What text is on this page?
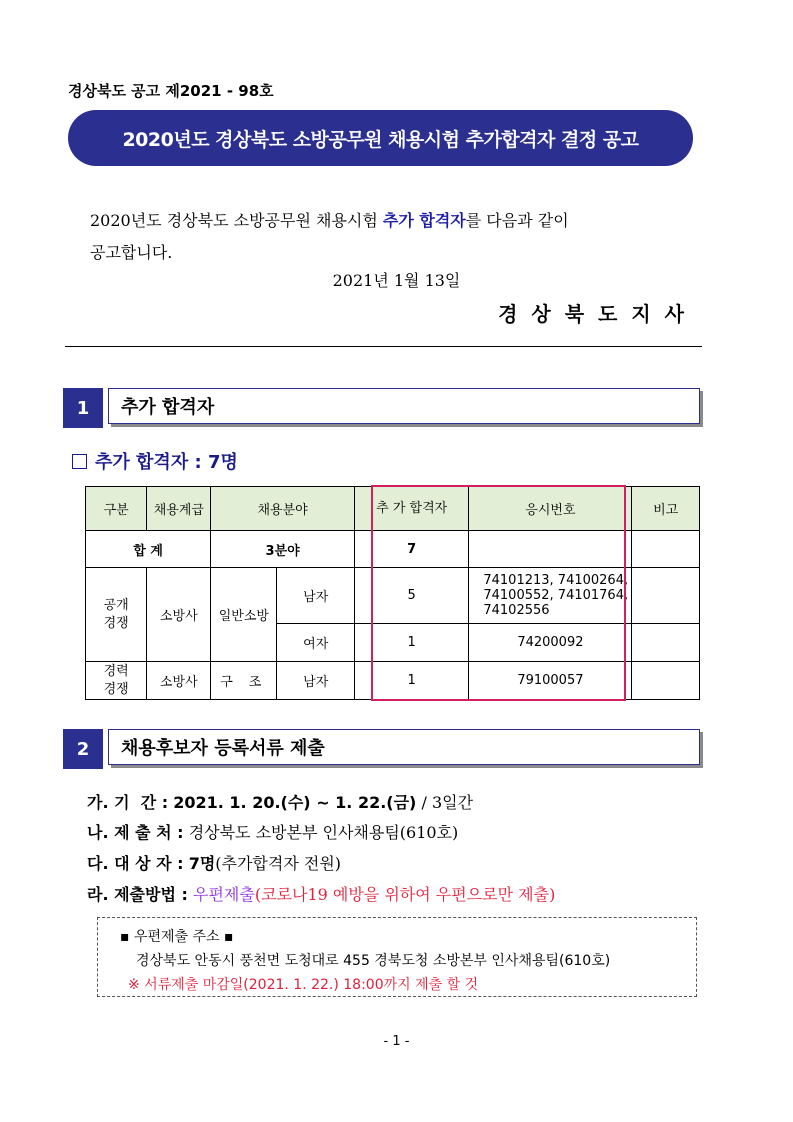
경상북도 공고 제2021 - 98호
2020년도 경상북도 소방공무원 채용시험 추가합격자 결정 공고
2020년도 경상북도 소방공무원 채용시험 추가 합격자를 다음과 같이
공고합니다.
2021년 1월 13일
경상북도지사
1	추가 합격자
추가 합격자 : 7명
구분	채용계급	채용분야		추 가 합격자	응시번호	비고
합 계		3분야		7		
공개 경쟁	소방사	일반소방	남자	5	74101213, 74100264, 74100552, 74101764, 74102556	
			여자	1	74200092	
경력 경쟁	소방사	구 조	남자	1	79100057	
2	채용후보자 등록서류 제출
가. 기  간 : 2021. 1. 20.(수) ~ 1. 22.(금) / 3일간
나. 제 출 처 : 경상북도 소방본부 인사채용팀(610호)
다. 대 상 자 : 7명(추가합격자 전원)
라. 제출방법 : 우편제출(코로나19 예방을 위하여 우편으로만 제출)
▪ 우편제출 주소 ▪
경상북도 안동시 풍천면 도청대로 455 경북도청 소방본부 인사채용팀(610호)
※ 서류제출 마감일(2021. 1. 22.) 18:00까지 제출 할 것
- 1 -
